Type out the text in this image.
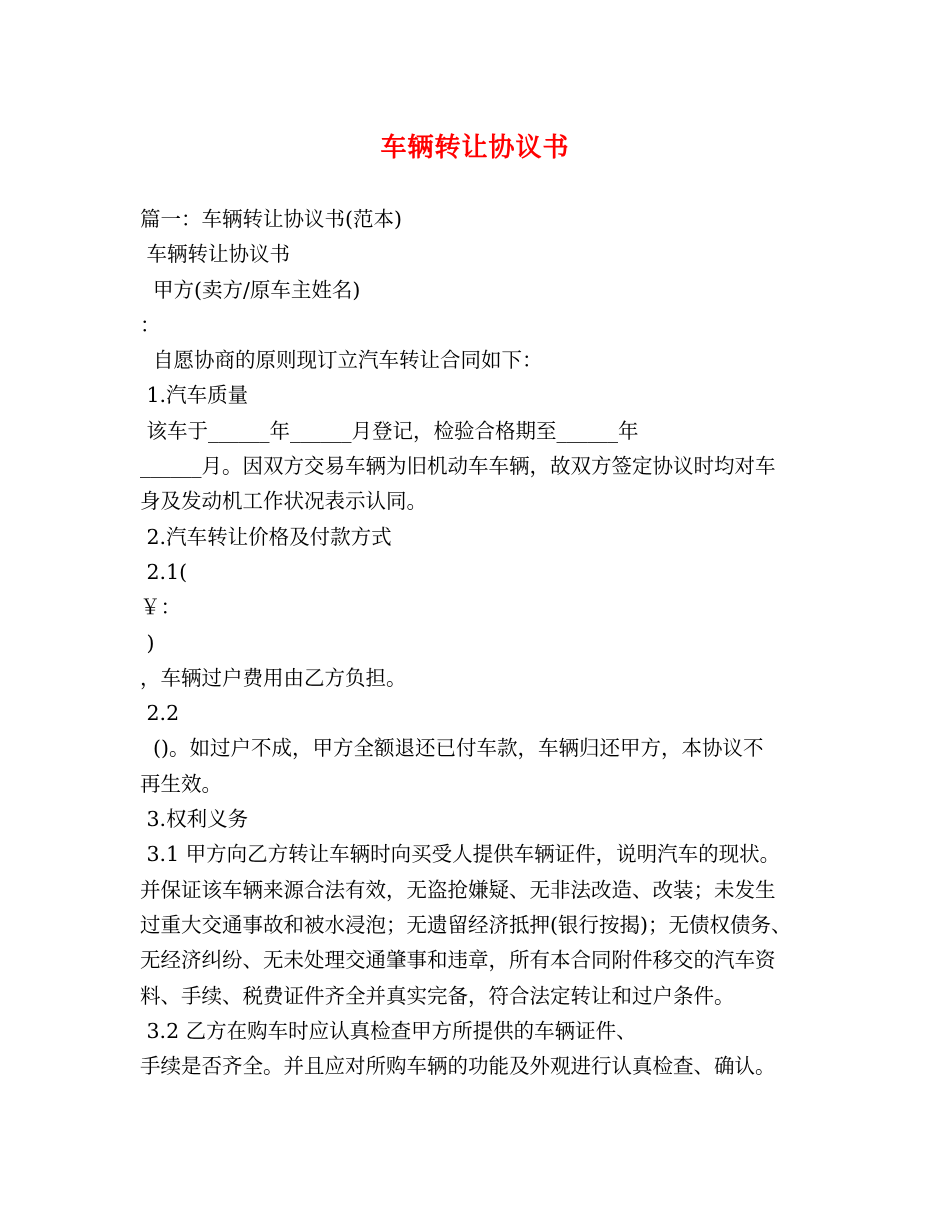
车辆转让协议书
篇一：车辆转让协议书(范本)
车辆转让协议书
甲方(卖方/原车主姓名)
：
自愿协商的原则现订立汽车转让合同如下：
1.汽车质量
该车于______年______月登记，检验合格期至______年
______月。因双方交易车辆为旧机动车车辆，故双方签定协议时均对车
身及发动机工作状况表示认同。
2.汽车转让价格及付款方式
2.1(
￥：
)
，车辆过户费用由乙方负担。
2.2
()。如过户不成，甲方全额退还已付车款，车辆归还甲方，本协议不
再生效。
3.权利义务
3.1 甲方向乙方转让车辆时向买受人提供车辆证件，说明汽车的现状。
并保证该车辆来源合法有效，无盗抢嫌疑、无非法改造、改装；未发生
过重大交通事故和被水浸泡；无遗留经济抵押(银行按揭)；无债权债务、
无经济纠纷、无未处理交通肇事和违章，所有本合同附件移交的汽车资
料、手续、税费证件齐全并真实完备，符合法定转让和过户条件。
3.2 乙方在购车时应认真检查甲方所提供的车辆证件、
手续是否齐全。并且应对所购车辆的功能及外观进行认真检查、确认。
